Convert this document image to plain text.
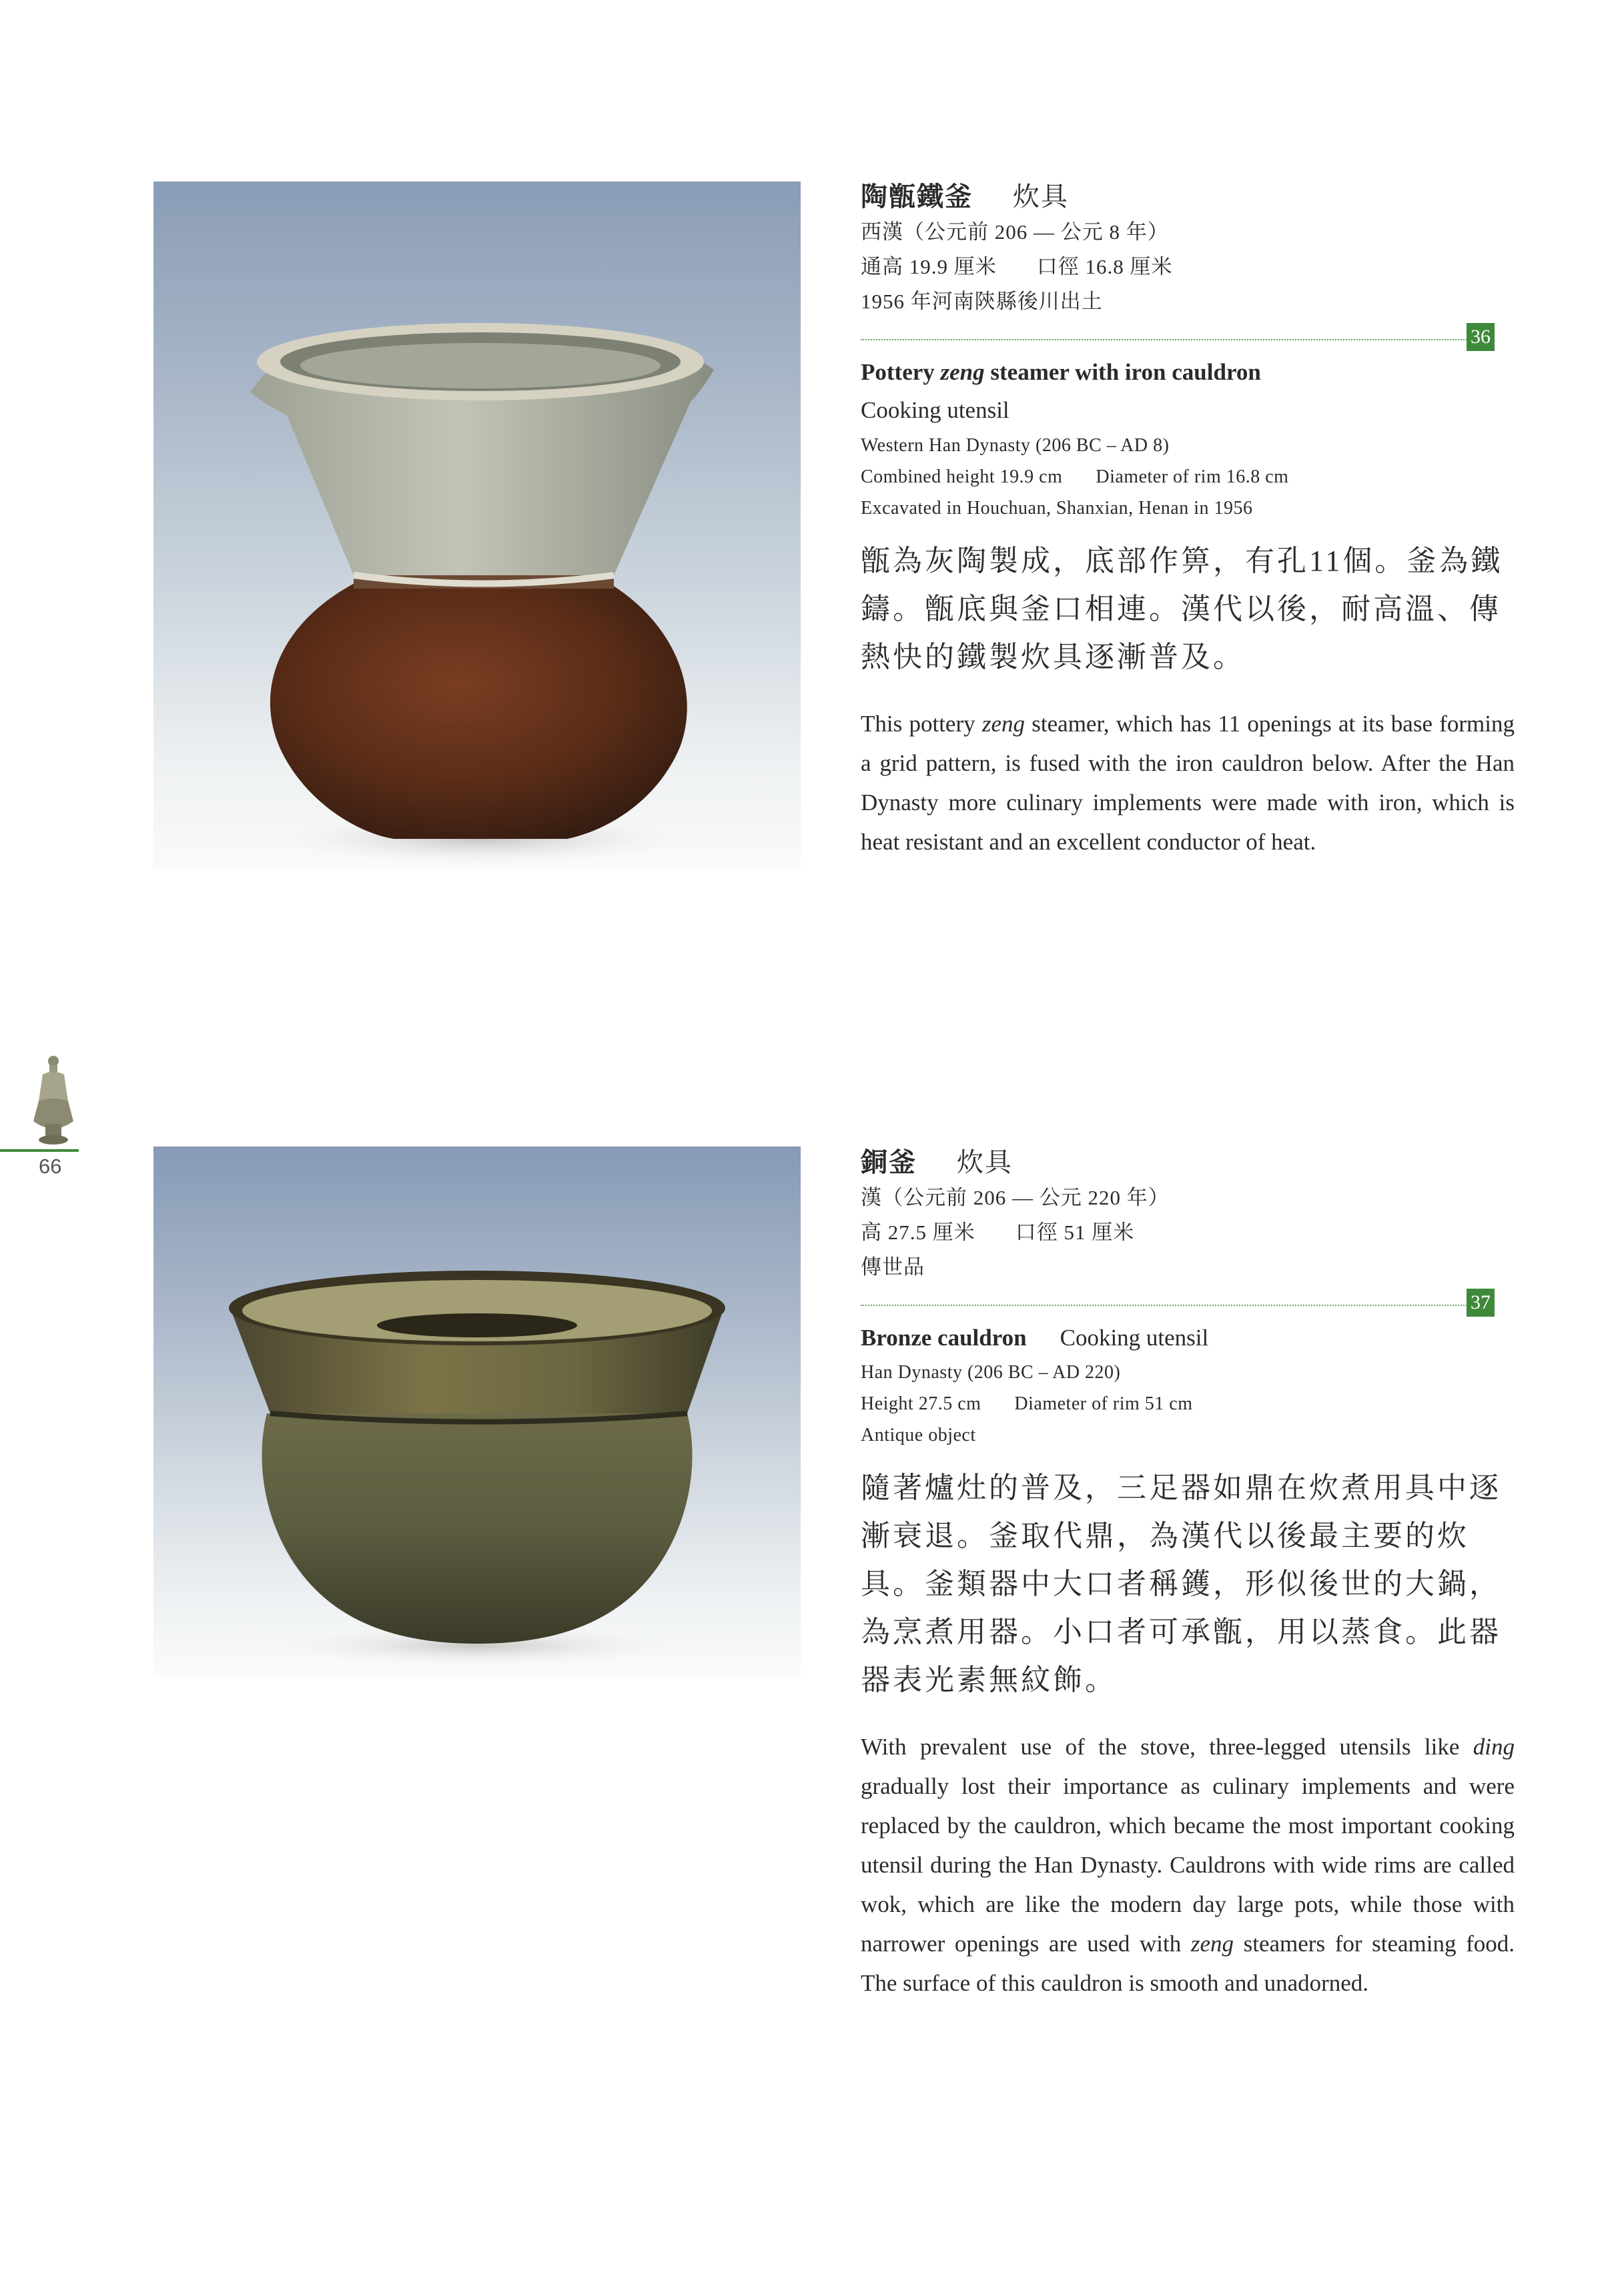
陶甑鐵釜 炊具
西漢（公元前 206 — 公元 8 年）
通高 19.9 厘米 口徑 16.8 厘米
1956 年河南陝縣後川出土
36
Pottery zeng steamer with iron cauldron
Cooking utensil
Western Han Dynasty (206 BC – AD 8)
Combined height 19.9 cm Diameter of rim 16.8 cm
Excavated in Houchuan, Shanxian, Henan in 1956
甑為灰陶製成，底部作箅，有孔11個。釜為鐵鑄。甑底與釜口相連。漢代以後，耐高溫、傳熱快的鐵製炊具逐漸普及。
This pottery zeng steamer, which has 11 openings at its base forming a grid pattern, is fused with the iron cauldron below. After the Han Dynasty more culinary implements were made with iron, which is heat resistant and an excellent conductor of heat.
66	銅釜 炊具
漢（公元前 206 — 公元 220 年）
高 27.5 厘米 口徑 51 厘米
傳世品
37
Bronze cauldron Cooking utensil
Han Dynasty (206 BC – AD 220)
Height 27.5 cm Diameter of rim 51 cm
Antique object
隨著爐灶的普及，三足器如鼎在炊煮用具中逐漸衰退。釜取代鼎，為漢代以後最主要的炊具。釜類器中大口者稱鑊，形似後世的大鍋，為烹煮用器。小口者可承甑，用以蒸食。此器器表光素無紋飾。
With prevalent use of the stove, three-legged utensils like ding gradually lost their importance as culinary implements and were replaced by the cauldron, which became the most important cooking utensil during the Han Dynasty. Cauldrons with wide rims are called wok, which are like the modern day large pots, while those with narrower openings are used with zeng steamers for steaming food. The surface of this cauldron is smooth and unadorned.
